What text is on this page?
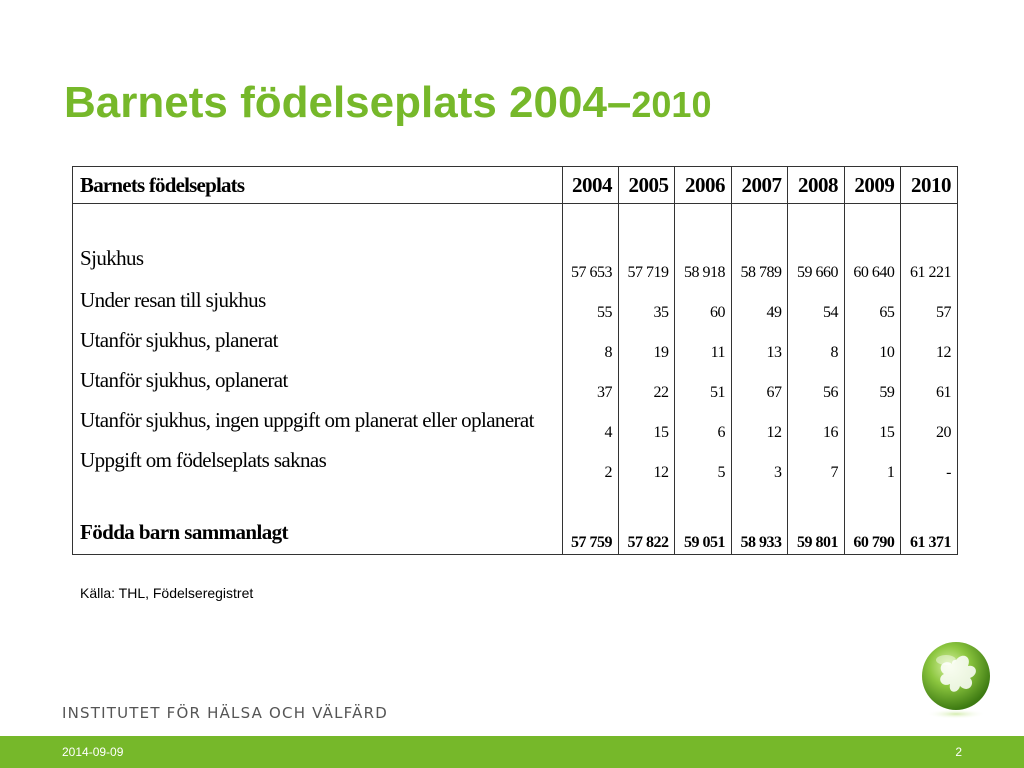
Barnets födelseplats 2004–2010
Barnets födelseplats	2004	2005	2006	2007	2008	2009	2010

Sjukhus	57 653	57 719	58 918	58 789	59 660	60 640	61 221
Under resan till sjukhus	55	35	60	49	54	65	57
Utanför sjukhus, planerat	8	19	11	13	8	10	12
Utanför sjukhus, oplanerat	37	22	51	67	56	59	61
Utanför sjukhus, ingen uppgift om planerat eller oplanerat	4	15	6	12	16	15	20
Uppgift om födelseplats saknas	2	12	5	3	7	1	-

Födda barn sammanlagt	57 759	57 822	59 051	58 933	59 801	60 790	61 371
Källa: THL, Födelseregistret
INSTITUTET FÖR HÄLSA OCH VÄLFÄRD
2014-09-09	2
